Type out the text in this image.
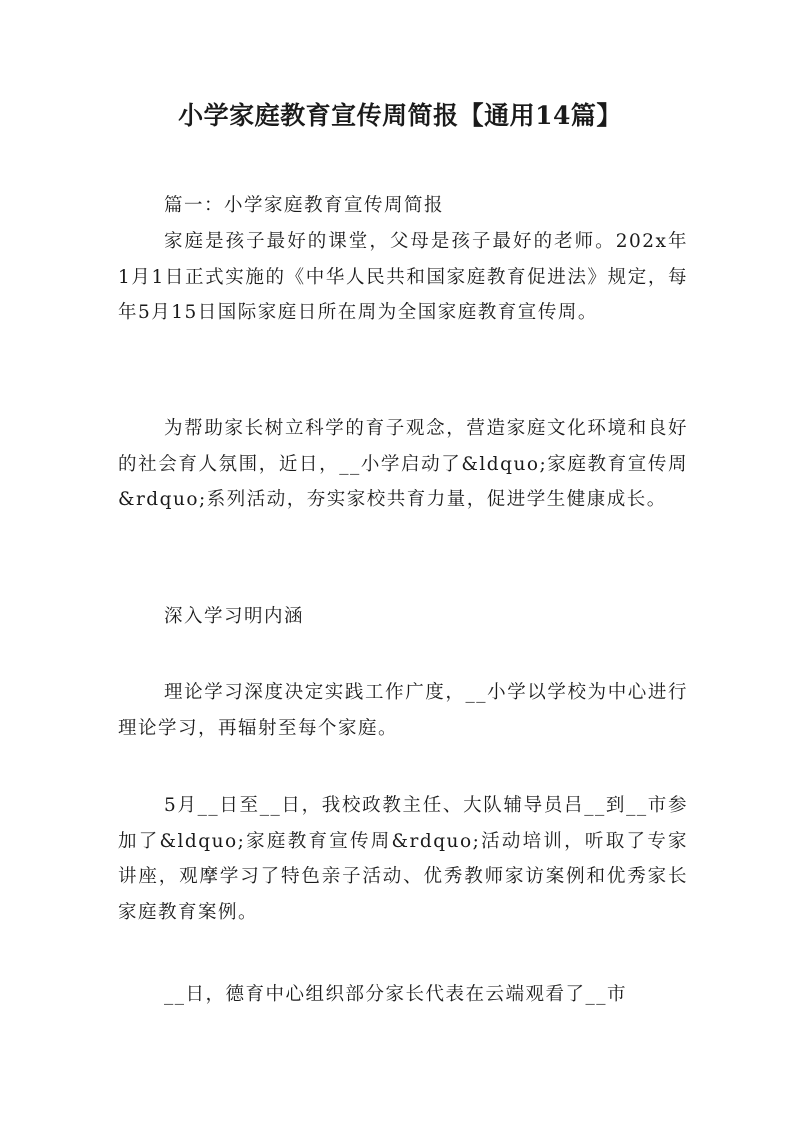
小学家庭教育宣传周简报【通用14篇】
篇一：小学家庭教育宣传周简报
家庭是孩子最好的课堂，父母是孩子最好的老师。202x年1月1日正式实施的《中华人民共和国家庭教育促进法》规定，每年5月15日国际家庭日所在周为全国家庭教育宣传周。
为帮助家长树立科学的育子观念，营造家庭文化环境和良好的社会育人氛围，近日，__小学启动了&ldquo;家庭教育宣传周&rdquo;系列活动，夯实家校共育力量，促进学生健康成长。
深入学习明内涵
理论学习深度决定实践工作广度，__小学以学校为中心进行理论学习，再辐射至每个家庭。
5月__日至__日，我校政教主任、大队辅导员吕__到__市参加了&ldquo;家庭教育宣传周&rdquo;活动培训，听取了专家讲座，观摩学习了特色亲子活动、优秀教师家访案例和优秀家长家庭教育案例。
__日，德育中心组织部分家长代表在云端观看了__市
